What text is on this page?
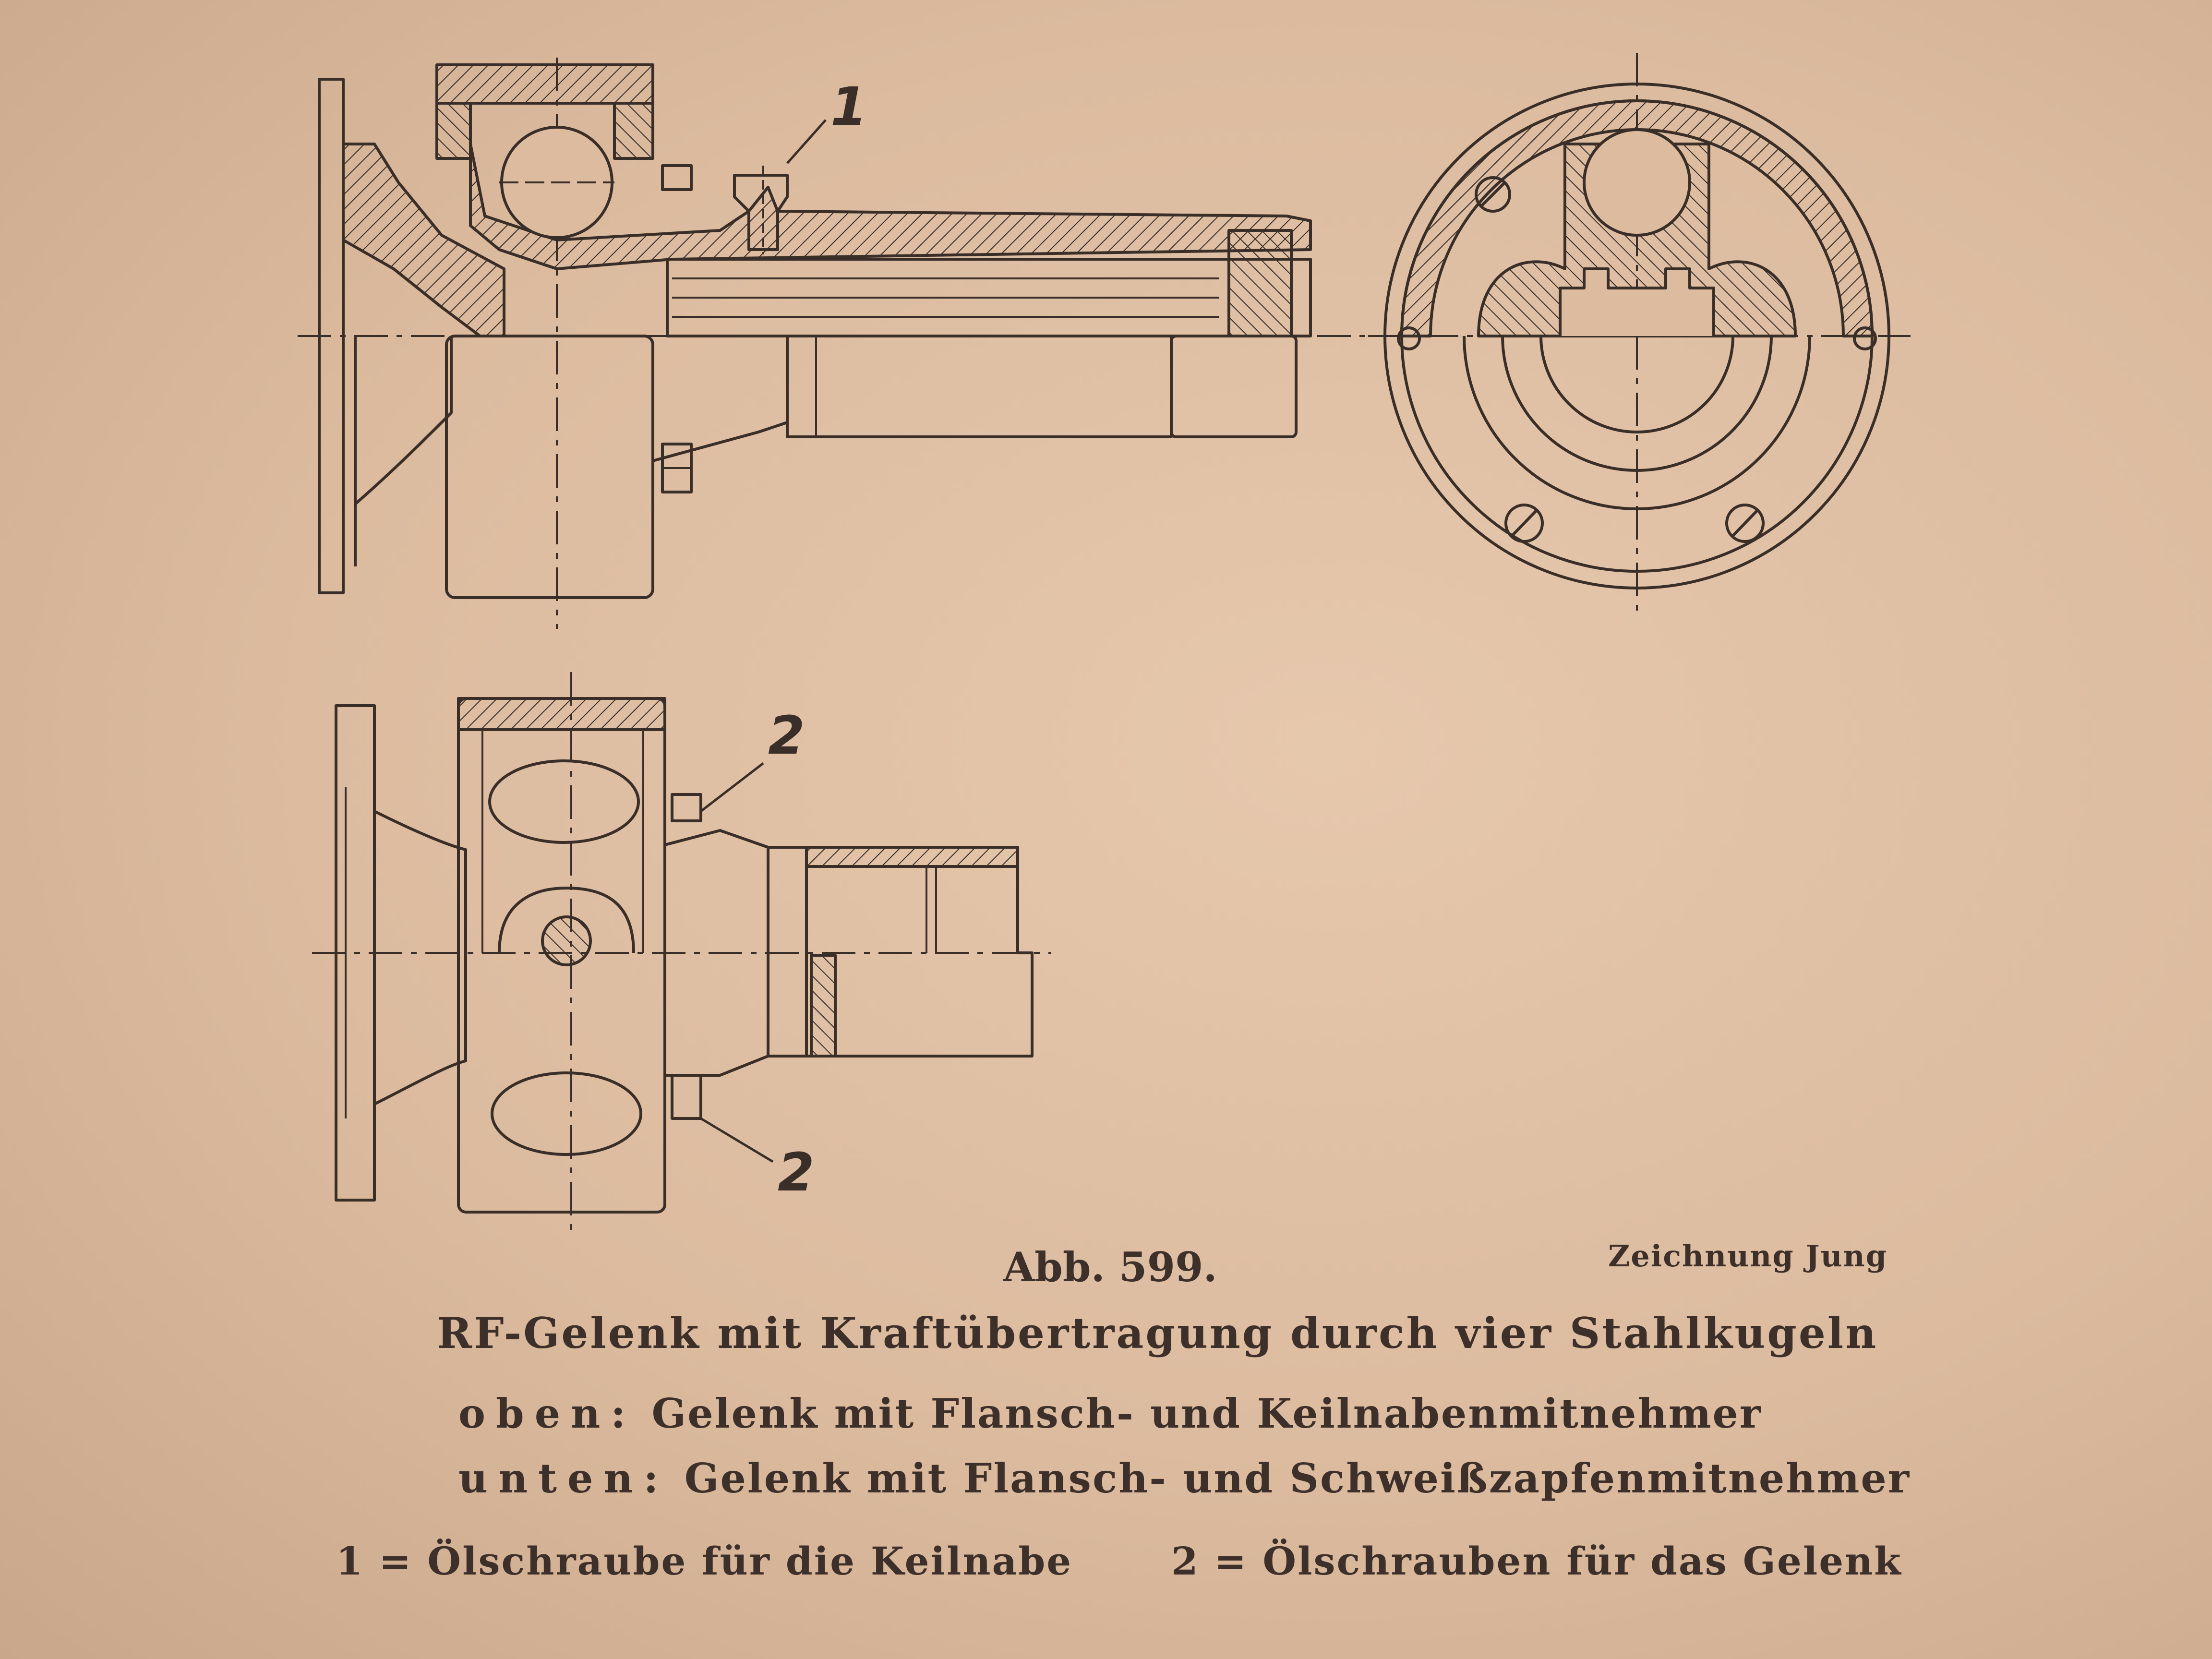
1
2
2
Abb. 599.	Zeichnung Jung
RF-Gelenk mit Kraftübertragung durch vier Stahlkugeln
oben: Gelenk mit Flansch- und Keilnabenmitnehmer
unten: Gelenk mit Flansch- und Schweißzapfenmitnehmer
1 = Ölschraube für die Keilnabe	2 = Ölschrauben für das Gelenk
